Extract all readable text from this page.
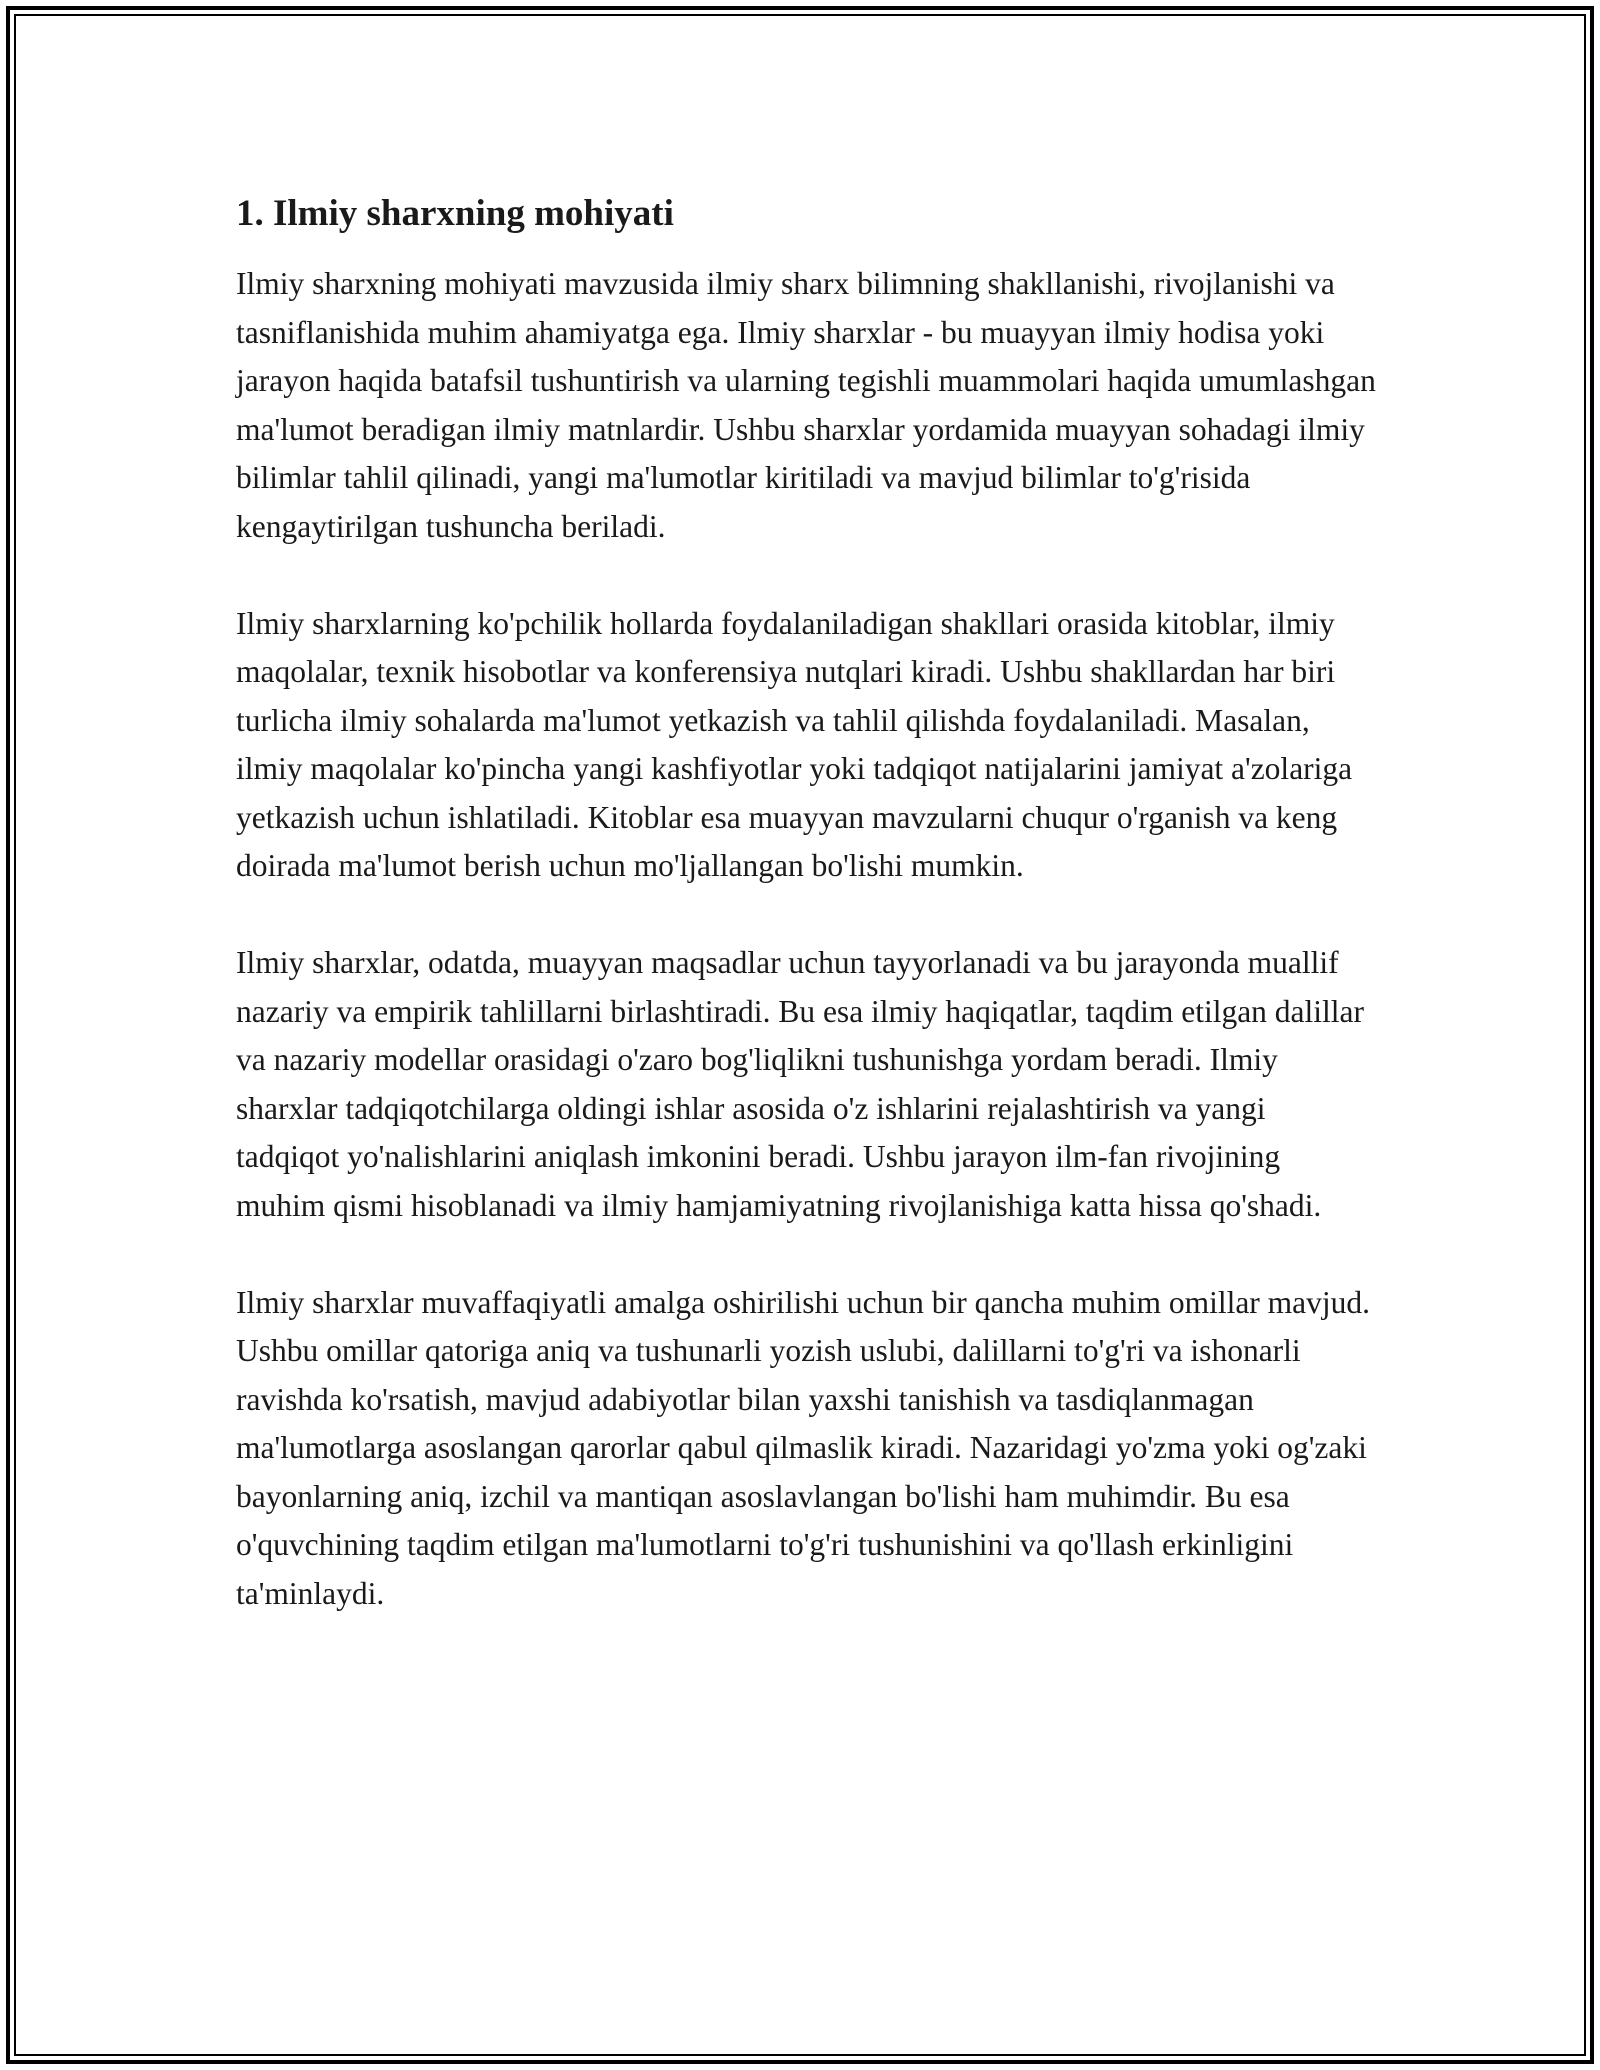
1. Ilmiy sharxning mohiyati

Ilmiy sharxning mohiyati mavzusida ilmiy sharx bilimning shakllanishi, rivojlanishi va tasniflanishida muhim ahamiyatga ega. Ilmiy sharxlar - bu muayyan ilmiy hodisa yoki jarayon haqida batafsil tushuntirish va ularning tegishli muammolari haqida umumlashgan ma'lumot beradigan ilmiy matnlardir. Ushbu sharxlar yordamida muayyan sohadagi ilmiy bilimlar tahlil qilinadi, yangi ma'lumotlar kiritiladi va mavjud bilimlar to'g'risida kengaytirilgan tushuncha beriladi.

Ilmiy sharxlarning ko'pchilik hollarda foydalaniladigan shakllari orasida kitoblar, ilmiy maqolalar, texnik hisobotlar va konferensiya nutqlari kiradi. Ushbu shakllardan har biri turlicha ilmiy sohalarda ma'lumot yetkazish va tahlil qilishda foydalaniladi. Masalan, ilmiy maqolalar ko'pincha yangi kashfiyotlar yoki tadqiqot natijalarini jamiyat a'zolariga yetkazish uchun ishlatiladi. Kitoblar esa muayyan mavzularni chuqur o'rganish va keng doirada ma'lumot berish uchun mo'ljallangan bo'lishi mumkin.

Ilmiy sharxlar, odatda, muayyan maqsadlar uchun tayyorlanadi va bu jarayonda muallif nazariy va empirik tahlillarni birlashtiradi. Bu esa ilmiy haqiqatlar, taqdim etilgan dalillar va nazariy modellar orasidagi o'zaro bog'liqlikni tushunishga yordam beradi. Ilmiy sharxlar tadqiqotchilarga oldingi ishlar asosida o'z ishlarini rejalashtirish va yangi tadqiqot yo'nalishlarini aniqlash imkonini beradi. Ushbu jarayon ilm-fan rivojining muhim qismi hisoblanadi va ilmiy hamjamiyatning rivojlanishiga katta hissa qo'shadi.

Ilmiy sharxlar muvaffaqiyatli amalga oshirilishi uchun bir qancha muhim omillar mavjud. Ushbu omillar qatoriga aniq va tushunarli yozish uslubi, dalillarni to'g'ri va ishonarli ravishda ko'rsatish, mavjud adabiyotlar bilan yaxshi tanishish va tasdiqlanmagan ma'lumotlarga asoslangan qarorlar qabul qilmaslik kiradi. Nazaridagi yo'zma yoki og'zaki bayonlarning aniq, izchil va mantiqan asoslavlangan bo'lishi ham muhimdir. Bu esa o'quvchining taqdim etilgan ma'lumotlarni to'g'ri tushunishini va qo'llash erkinligini ta'minlaydi.
